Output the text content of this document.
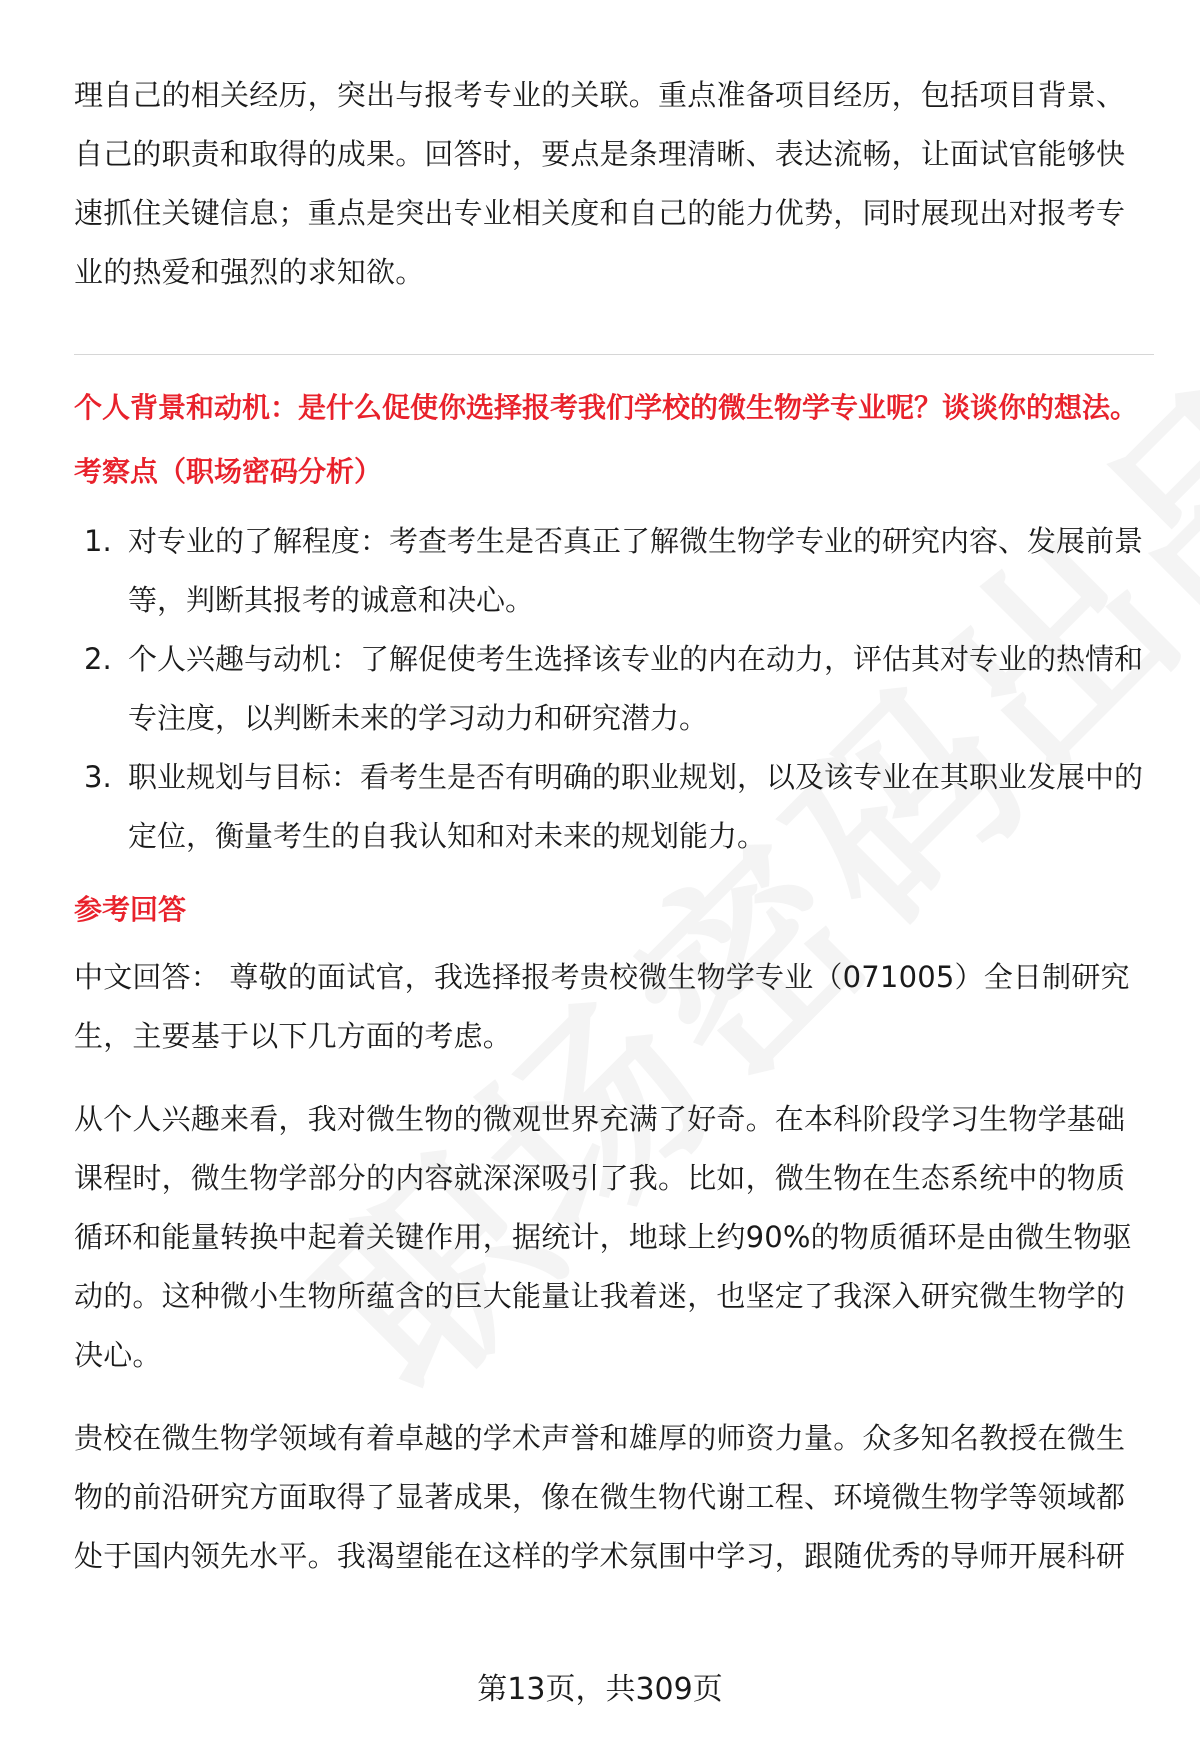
理自己的相关经历，突出与报考专业的关联。重点准备项目经历，包括项目背景、自己的职责和取得的成果。回答时，要点是条理清晰、表达流畅，让面试官能够快速抓住关键信息；重点是突出专业相关度和自己的能力优势，同时展现出对报考专业的热爱和强烈的求知欲。

个人背景和动机：是什么促使你选择报考我们学校的微生物学专业呢？谈谈你的想法。

考察点（职场密码分析）

1. 对专业的了解程度：考查考生是否真正了解微生物学专业的研究内容、发展前景等，判断其报考的诚意和决心。
2. 个人兴趣与动机：了解促使考生选择该专业的内在动力，评估其对专业的热情和专注度，以判断未来的学习动力和研究潜力。
3. 职业规划与目标：看考生是否有明确的职业规划，以及该专业在其职业发展中的定位，衡量考生的自我认知和对未来的规划能力。

参考回答

中文回答： 尊敬的面试官，我选择报考贵校微生物学专业（071005）全日制研究生，主要基于以下几方面的考虑。

从个人兴趣来看，我对微生物的微观世界充满了好奇。在本科阶段学习生物学基础课程时，微生物学部分的内容就深深吸引了我。比如，微生物在生态系统中的物质循环和能量转换中起着关键作用，据统计，地球上约90%的物质循环是由微生物驱动的。这种微小生物所蕴含的巨大能量让我着迷，也坚定了我深入研究微生物学的决心。

贵校在微生物学领域有着卓越的学术声誉和雄厚的师资力量。众多知名教授在微生物的前沿研究方面取得了显著成果，像在微生物代谢工程、环境微生物学等领域都处于国内领先水平。我渴望能在这样的学术氛围中学习，跟随优秀的导师开展科研

第13页，共309页
